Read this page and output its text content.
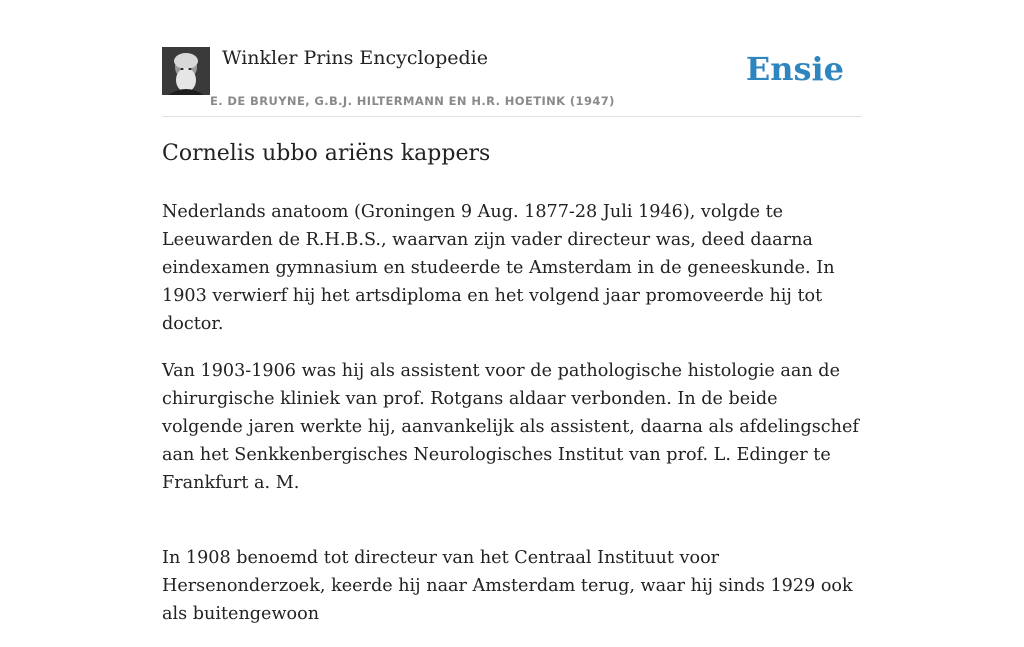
Winkler Prins Encyclopedie
E. DE BRUYNE, G.B.J. HILTERMANN EN H.R. HOETINK (1947)
Ensie
Cornelis ubbo ariëns kappers

Nederlands anatoom (Groningen 9 Aug. 1877-28 Juli 1946), volgde te Leeuwarden de R.H.B.S., waarvan zijn vader directeur was, deed daarna eindexamen gymnasium en studeerde te Amsterdam in de geneeskunde. In 1903 verwierf hij het artsdiploma en het volgend jaar promoveerde hij tot doctor.

Van 1903-1906 was hij als assistent voor de pathologische histologie aan de chirurgische kliniek van prof. Rotgans aldaar verbonden. In de beide volgende jaren werkte hij, aanvankelijk als assistent, daarna als afdelingschef aan het Senkkenbergisches Neurologisches Institut van prof. L. Edinger te Frankfurt a. M.

In 1908 benoemd tot directeur van het Centraal Instituut voor Hersenonderzoek, keerde hij naar Amsterdam terug, waar hij sinds 1929 ook als buitengewoon
